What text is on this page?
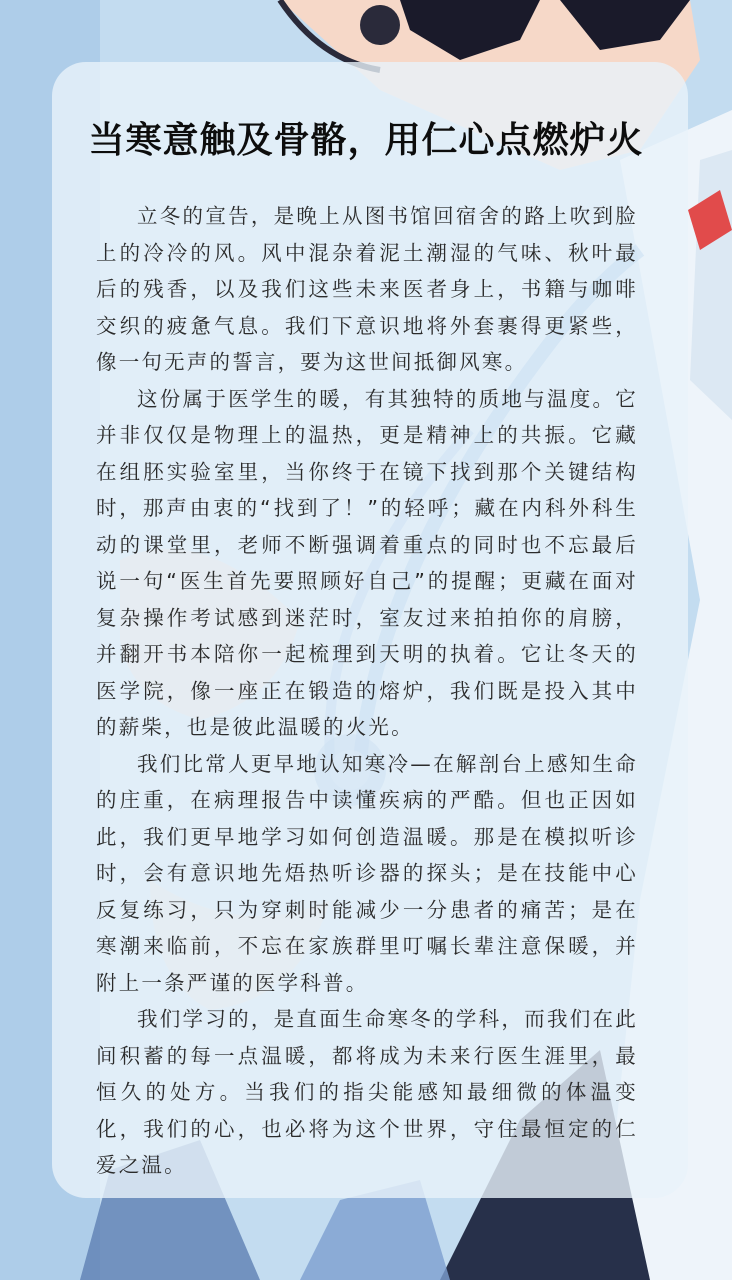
当寒意触及骨骼，用仁心点燃炉火

立冬的宣告，是晚上从图书馆回宿舍的路上吹到脸上的冷冷的风。风中混杂着泥土潮湿的气味、秋叶最后的残香，以及我们这些未来医者身上，书籍与咖啡交织的疲惫气息。我们下意识地将外套裹得更紧些，像一句无声的誓言，要为这世间抵御风寒。

这份属于医学生的暖，有其独特的质地与温度。它并非仅仅是物理上的温热，更是精神上的共振。它藏在组胚实验室里，当你终于在镜下找到那个关键结构时，那声由衷的“找到了！”的轻呼；藏在内科外科生动的课堂里，老师不断强调着重点的同时也不忘最后说一句“医生首先要照顾好自己”的提醒；更藏在面对复杂操作考试感到迷茫时，室友过来拍拍你的肩膀，并翻开书本陪你一起梳理到天明的执着。它让冬天的医学院，像一座正在锻造的熔炉，我们既是投入其中的薪柴，也是彼此温暖的火光。

我们比常人更早地认知寒冷—在解剖台上感知生命的庄重，在病理报告中读懂疾病的严酷。但也正因如此，我们更早地学习如何创造温暖。那是在模拟听诊时，会有意识地先焐热听诊器的探头；是在技能中心反复练习，只为穿刺时能减少一分患者的痛苦；是在寒潮来临前，不忘在家族群里叮嘱长辈注意保暖，并附上一条严谨的医学科普。

我们学习的，是直面生命寒冬的学科，而我们在此间积蓄的每一点温暖，都将成为未来行医生涯里，最恒久的处方。当我们的指尖能感知最细微的体温变化，我们的心，也必将为这个世界，守住最恒定的仁爱之温。
